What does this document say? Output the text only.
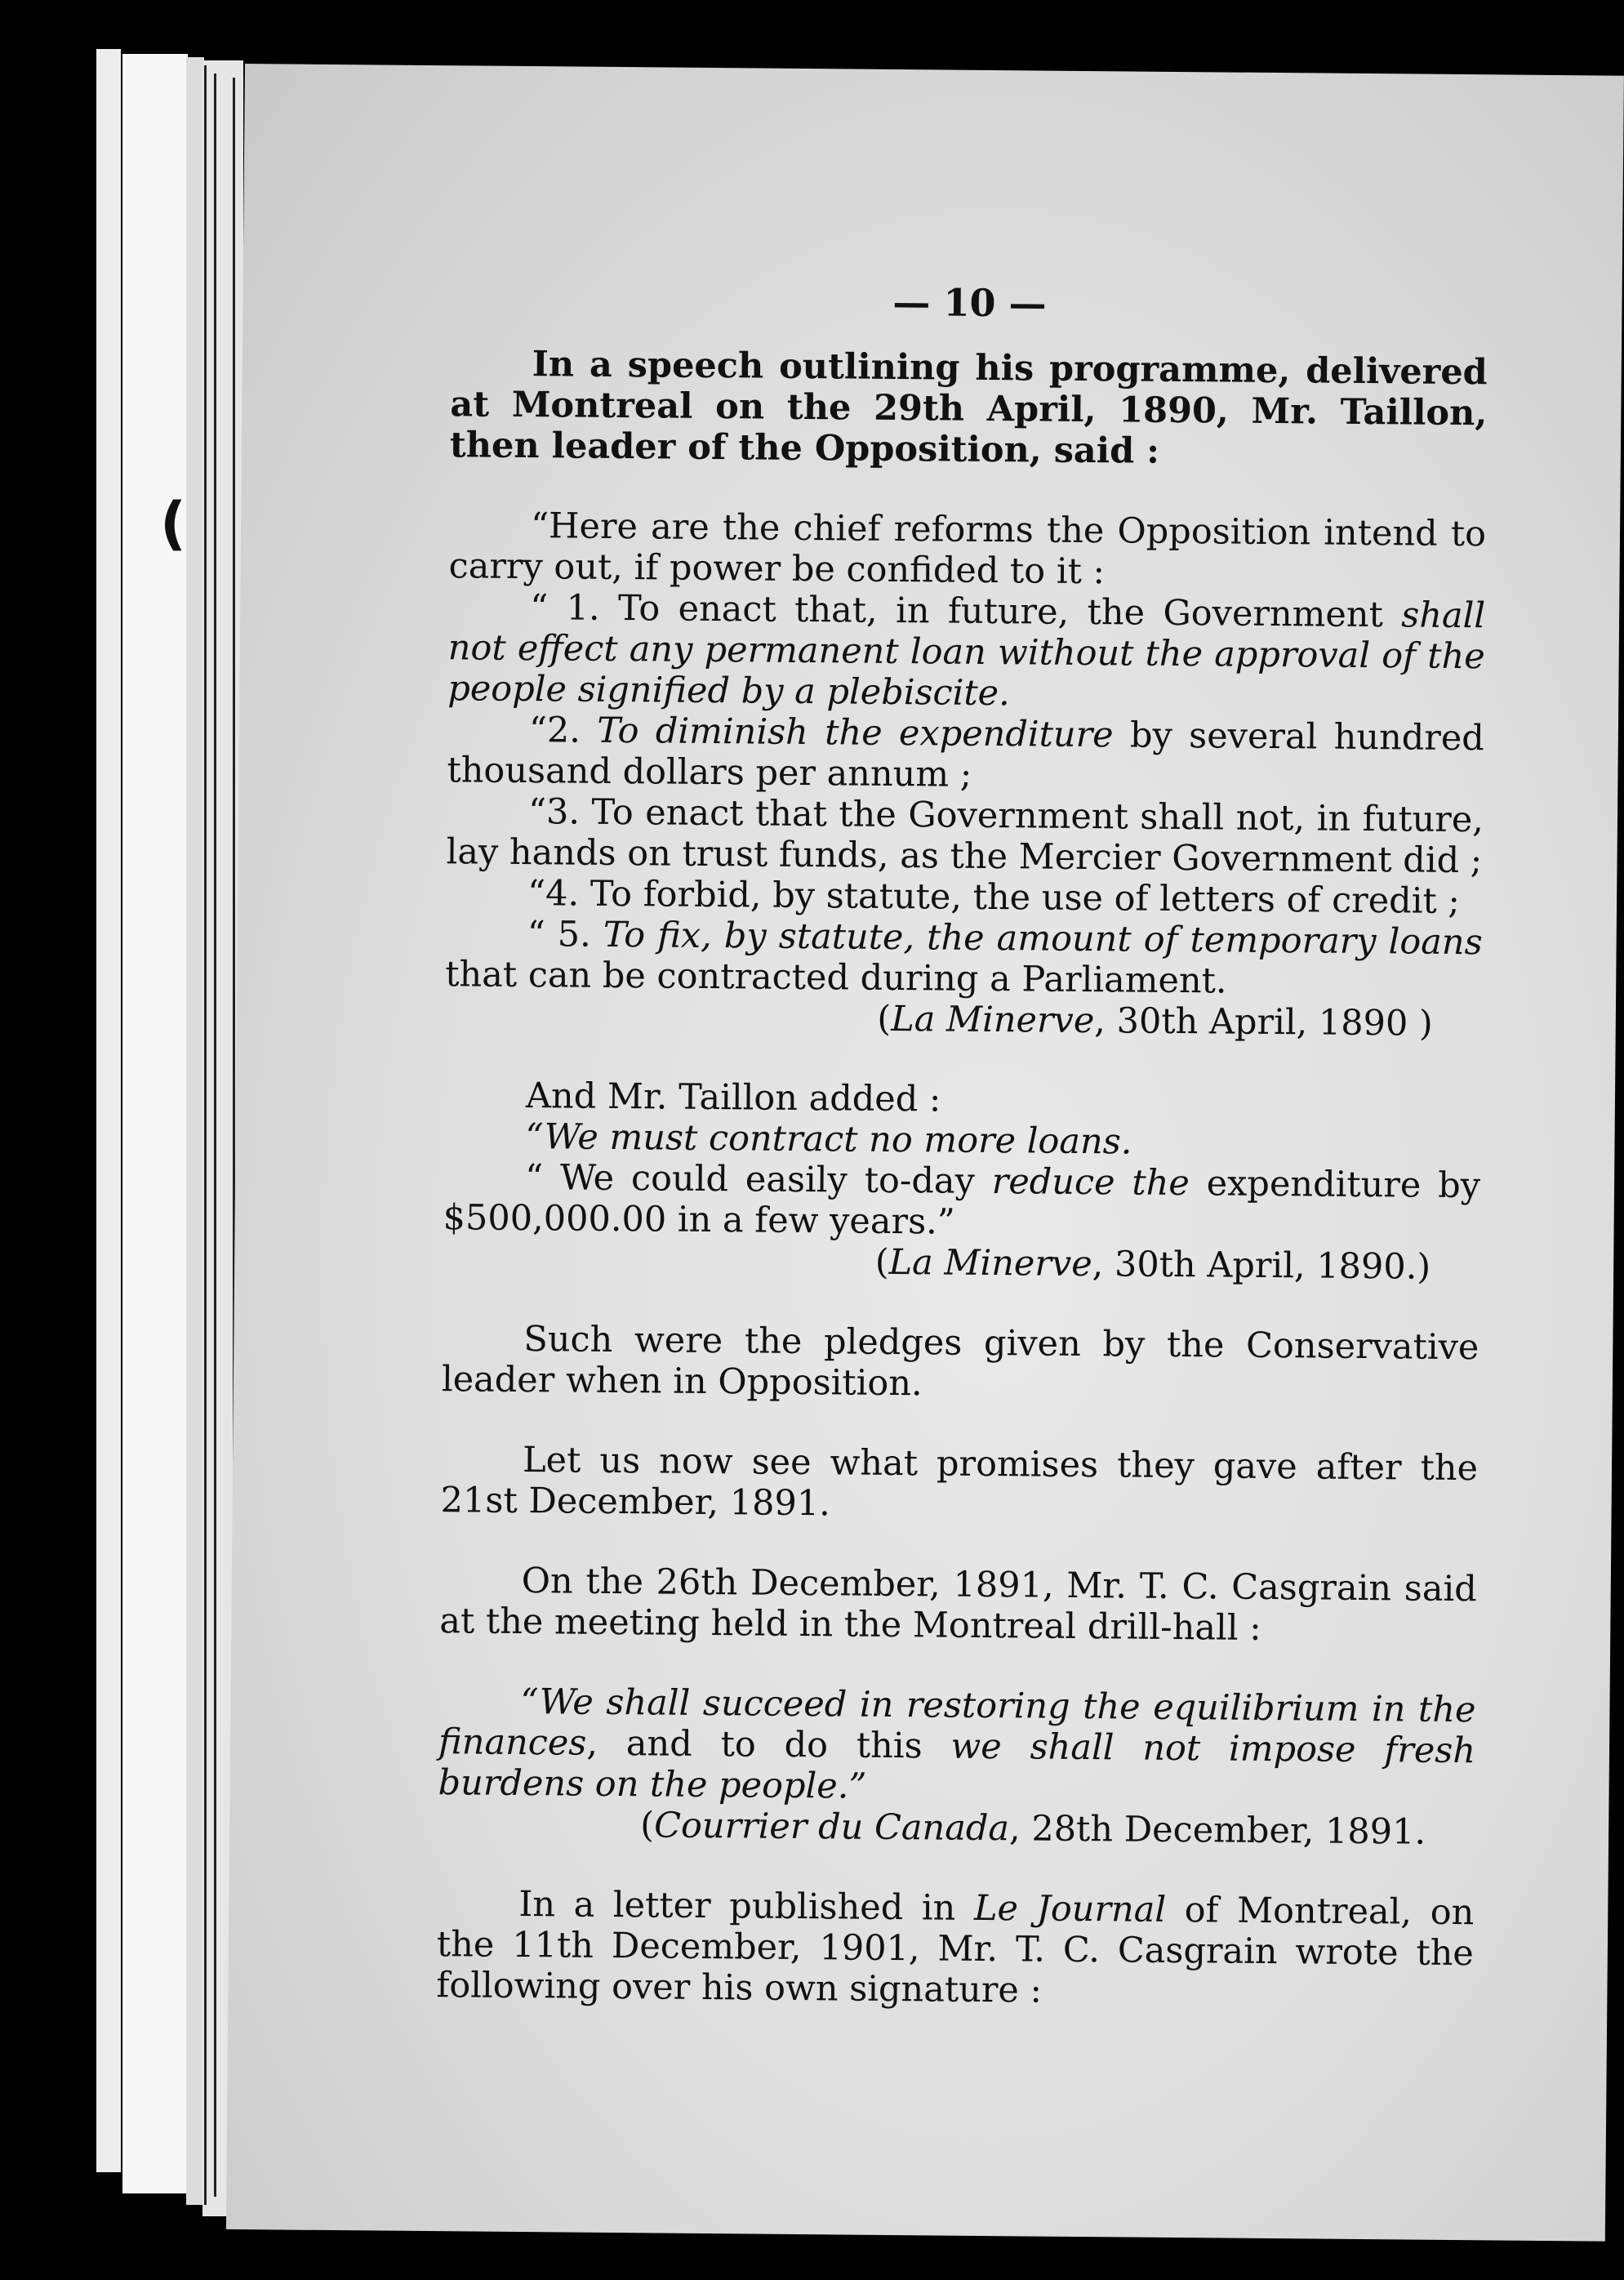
(
— 10 —

In a speech outlining his programme, delivered at Montreal on the 29th April, 1890, Mr. Taillon, then leader of the Opposition, said :

“Here are the chief reforms the Opposition intend to carry out, if power be confided to it :

“ 1. To enact that, in future, the Government shall not effect any permanent loan without the approval of the people signified by a plebiscite.

“2. To diminish the expenditure by several hundred thousand dollars per annum ;

“3. To enact that the Government shall not, in future, lay hands on trust funds, as the Mercier Government did ;

“4. To forbid, by statute, the use of letters of credit ;

“ 5. To fix, by statute, the amount of temporary loans that can be contracted during a Parliament.

(La Minerve, 30th April, 1890 )

And Mr. Taillon added :

“We must contract no more loans.

“ We could easily to-day reduce the expenditure by $500,000.00 in a few years.”

(La Minerve, 30th April, 1890.)

Such were the pledges given by the Conservative leader when in Opposition.

Let us now see what promises they gave after the 21st December, 1891.

On the 26th December, 1891, Mr. T. C. Casgrain said at the meeting held in the Montreal drill-hall :

“We shall succeed in restoring the equilibrium in the finances, and to do this we shall not impose fresh burdens on the people.”

(Courrier du Canada, 28th December, 1891.

In a letter published in Le Journal of Montreal, on the 11th December, 1901, Mr. T. C. Casgrain wrote the following over his own signature :
